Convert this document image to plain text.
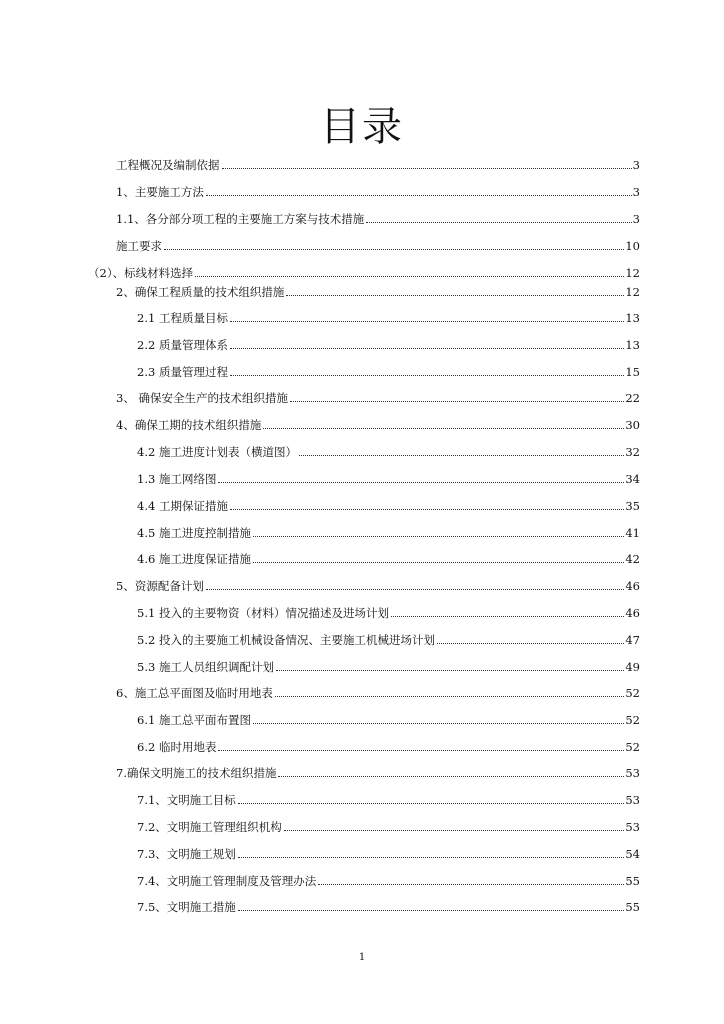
目录
工程概况及编制依据	3
1、主要施工方法	3
1.1、各分部分项工程的主要施工方案与技术措施	3
施工要求	10
（2）、标线材料选择	12
2、确保工程质量的技术组织措施	12
2.1 工程质量目标	13
2.2 质量管理体系	13
2.3 质量管理过程	15
3、 确保安全生产的技术组织措施	22
4、确保工期的技术组织措施	30
4.2 施工进度计划表（横道图）	32
1.3 施工网络图	34
4.4 工期保证措施	35
4.5 施工进度控制措施	41
4.6 施工进度保证措施	42
5、资源配备计划	46
5.1 投入的主要物资（材料）情况描述及进场计划	46
5.2 投入的主要施工机械设备情况、主要施工机械进场计划	47
5.3 施工人员组织调配计划	49
6、施工总平面图及临时用地表	52
6.1 施工总平面布置图	52
6.2 临时用地表	52
7.确保文明施工的技术组织措施	53
7.1、文明施工目标	53
7.2、文明施工管理组织机构	53
7.3、文明施工规划	54
7.4、文明施工管理制度及管理办法	55
7.5、文明施工措施	55
1
